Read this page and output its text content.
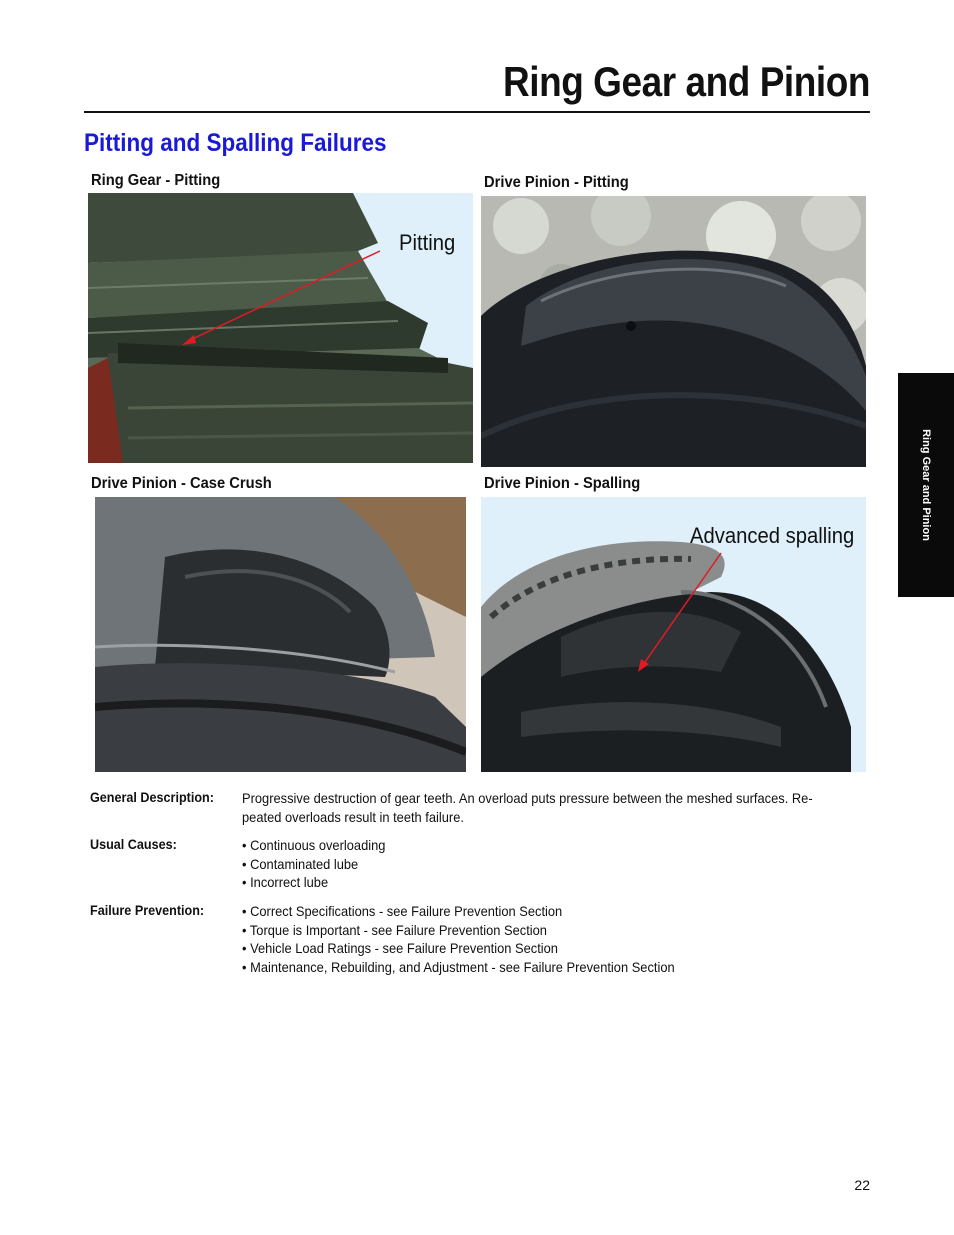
Ring Gear and Pinion
Pitting and Spalling Failures
Ring Gear - Pitting
Pitting
Drive Pinion - Pitting
Drive Pinion - Case Crush	Drive Pinion - Spalling
Advanced spalling
General Description: Progressive destruction of gear teeth. An overload puts pressure between the meshed surfaces. Re-peated overloads result in teeth failure.

Usual Causes:	• Continuous overloading
• Contaminated lube
• Incorrect lube
Failure Prevention:	• Correct Specifications - see Failure Prevention Section
• Torque is Important - see Failure Prevention Section
• Vehicle Load Ratings - see Failure Prevention Section
• Maintenance, Rebuilding, and Adjustment - see Failure Prevention Section
Ring Gear and Pinion
22
